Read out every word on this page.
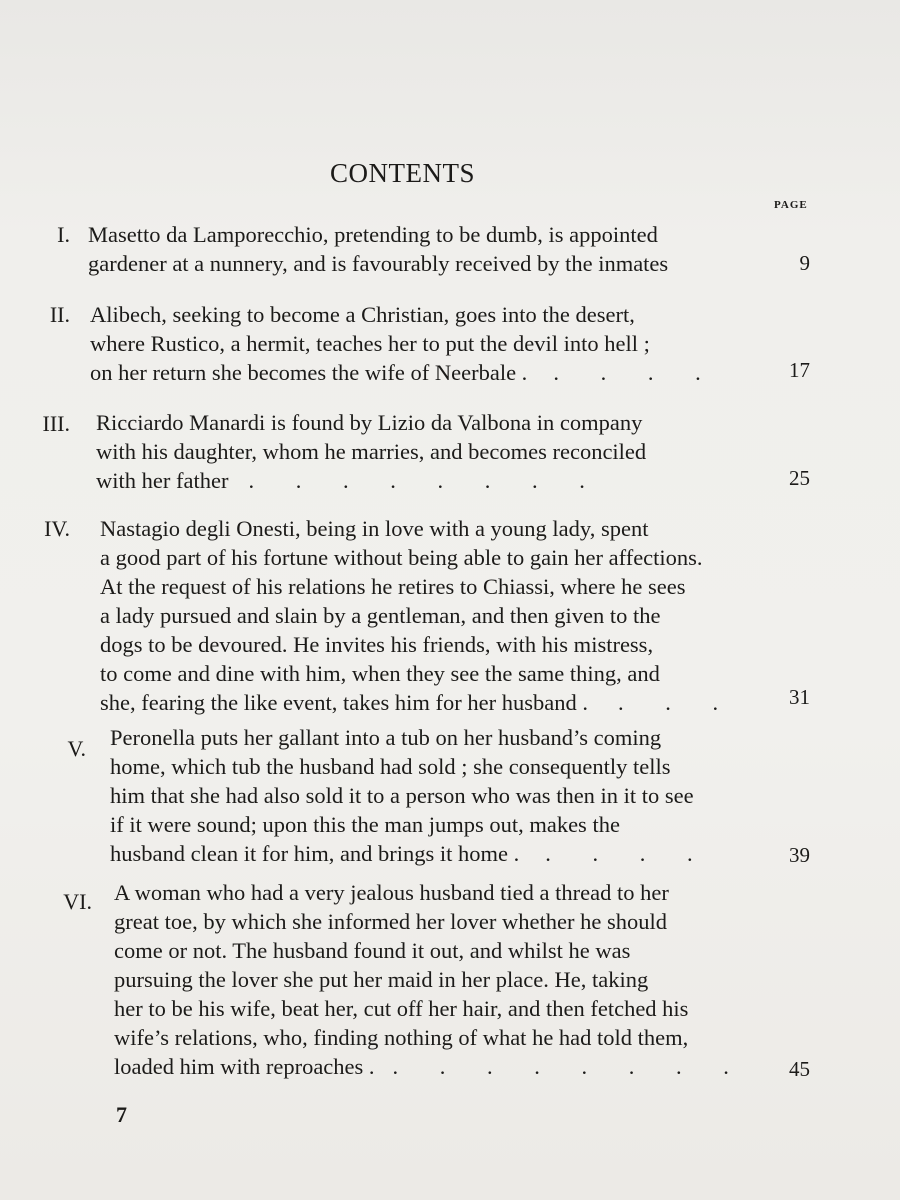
CONTENTS
PAGE
I. Masetto da Lamporecchio, pretending to be dumb, is appointed
gardener at a nunnery, and is favourably received by the inmates	9
II. Alibech, seeking to become a Christian, goes into the desert,
where Rustico, a hermit, teaches her to put the devil into hell ;
on her return she becomes the wife of Neerbale . . . . .	17
III. Ricciardo Manardi is found by Lizio da Valbona in company
with his daughter, whom he marries, and becomes reconciled
with her father . . . . . . . .	25
IV. Nastagio degli Onesti, being in love with a young lady, spent
a good part of his fortune without being able to gain her affections.
At the request of his relations he retires to Chiassi, where he sees
a lady pursued and slain by a gentleman, and then given to the
dogs to be devoured. He invites his friends, with his mistress,
to come and dine with him, when they see the same thing, and
she, fearing the like event, takes him for her husband . . . .	31
V. Peronella puts her gallant into a tub on her husband’s coming
home, which tub the husband had sold ; she consequently tells
him that she had also sold it to a person who was then in it to see
if it were sound; upon this the man jumps out, makes the
husband clean it for him, and brings it home . . . . .	39
VI. A woman who had a very jealous husband tied a thread to her
great toe, by which she informed her lover whether he should
come or not. The husband found it out, and whilst he was
pursuing the lover she put her maid in her place. He, taking
her to be his wife, beat her, cut off her hair, and then fetched his
wife’s relations, who, finding nothing of what he had told them,
loaded him with reproaches . . . . . . . . .	45
7
